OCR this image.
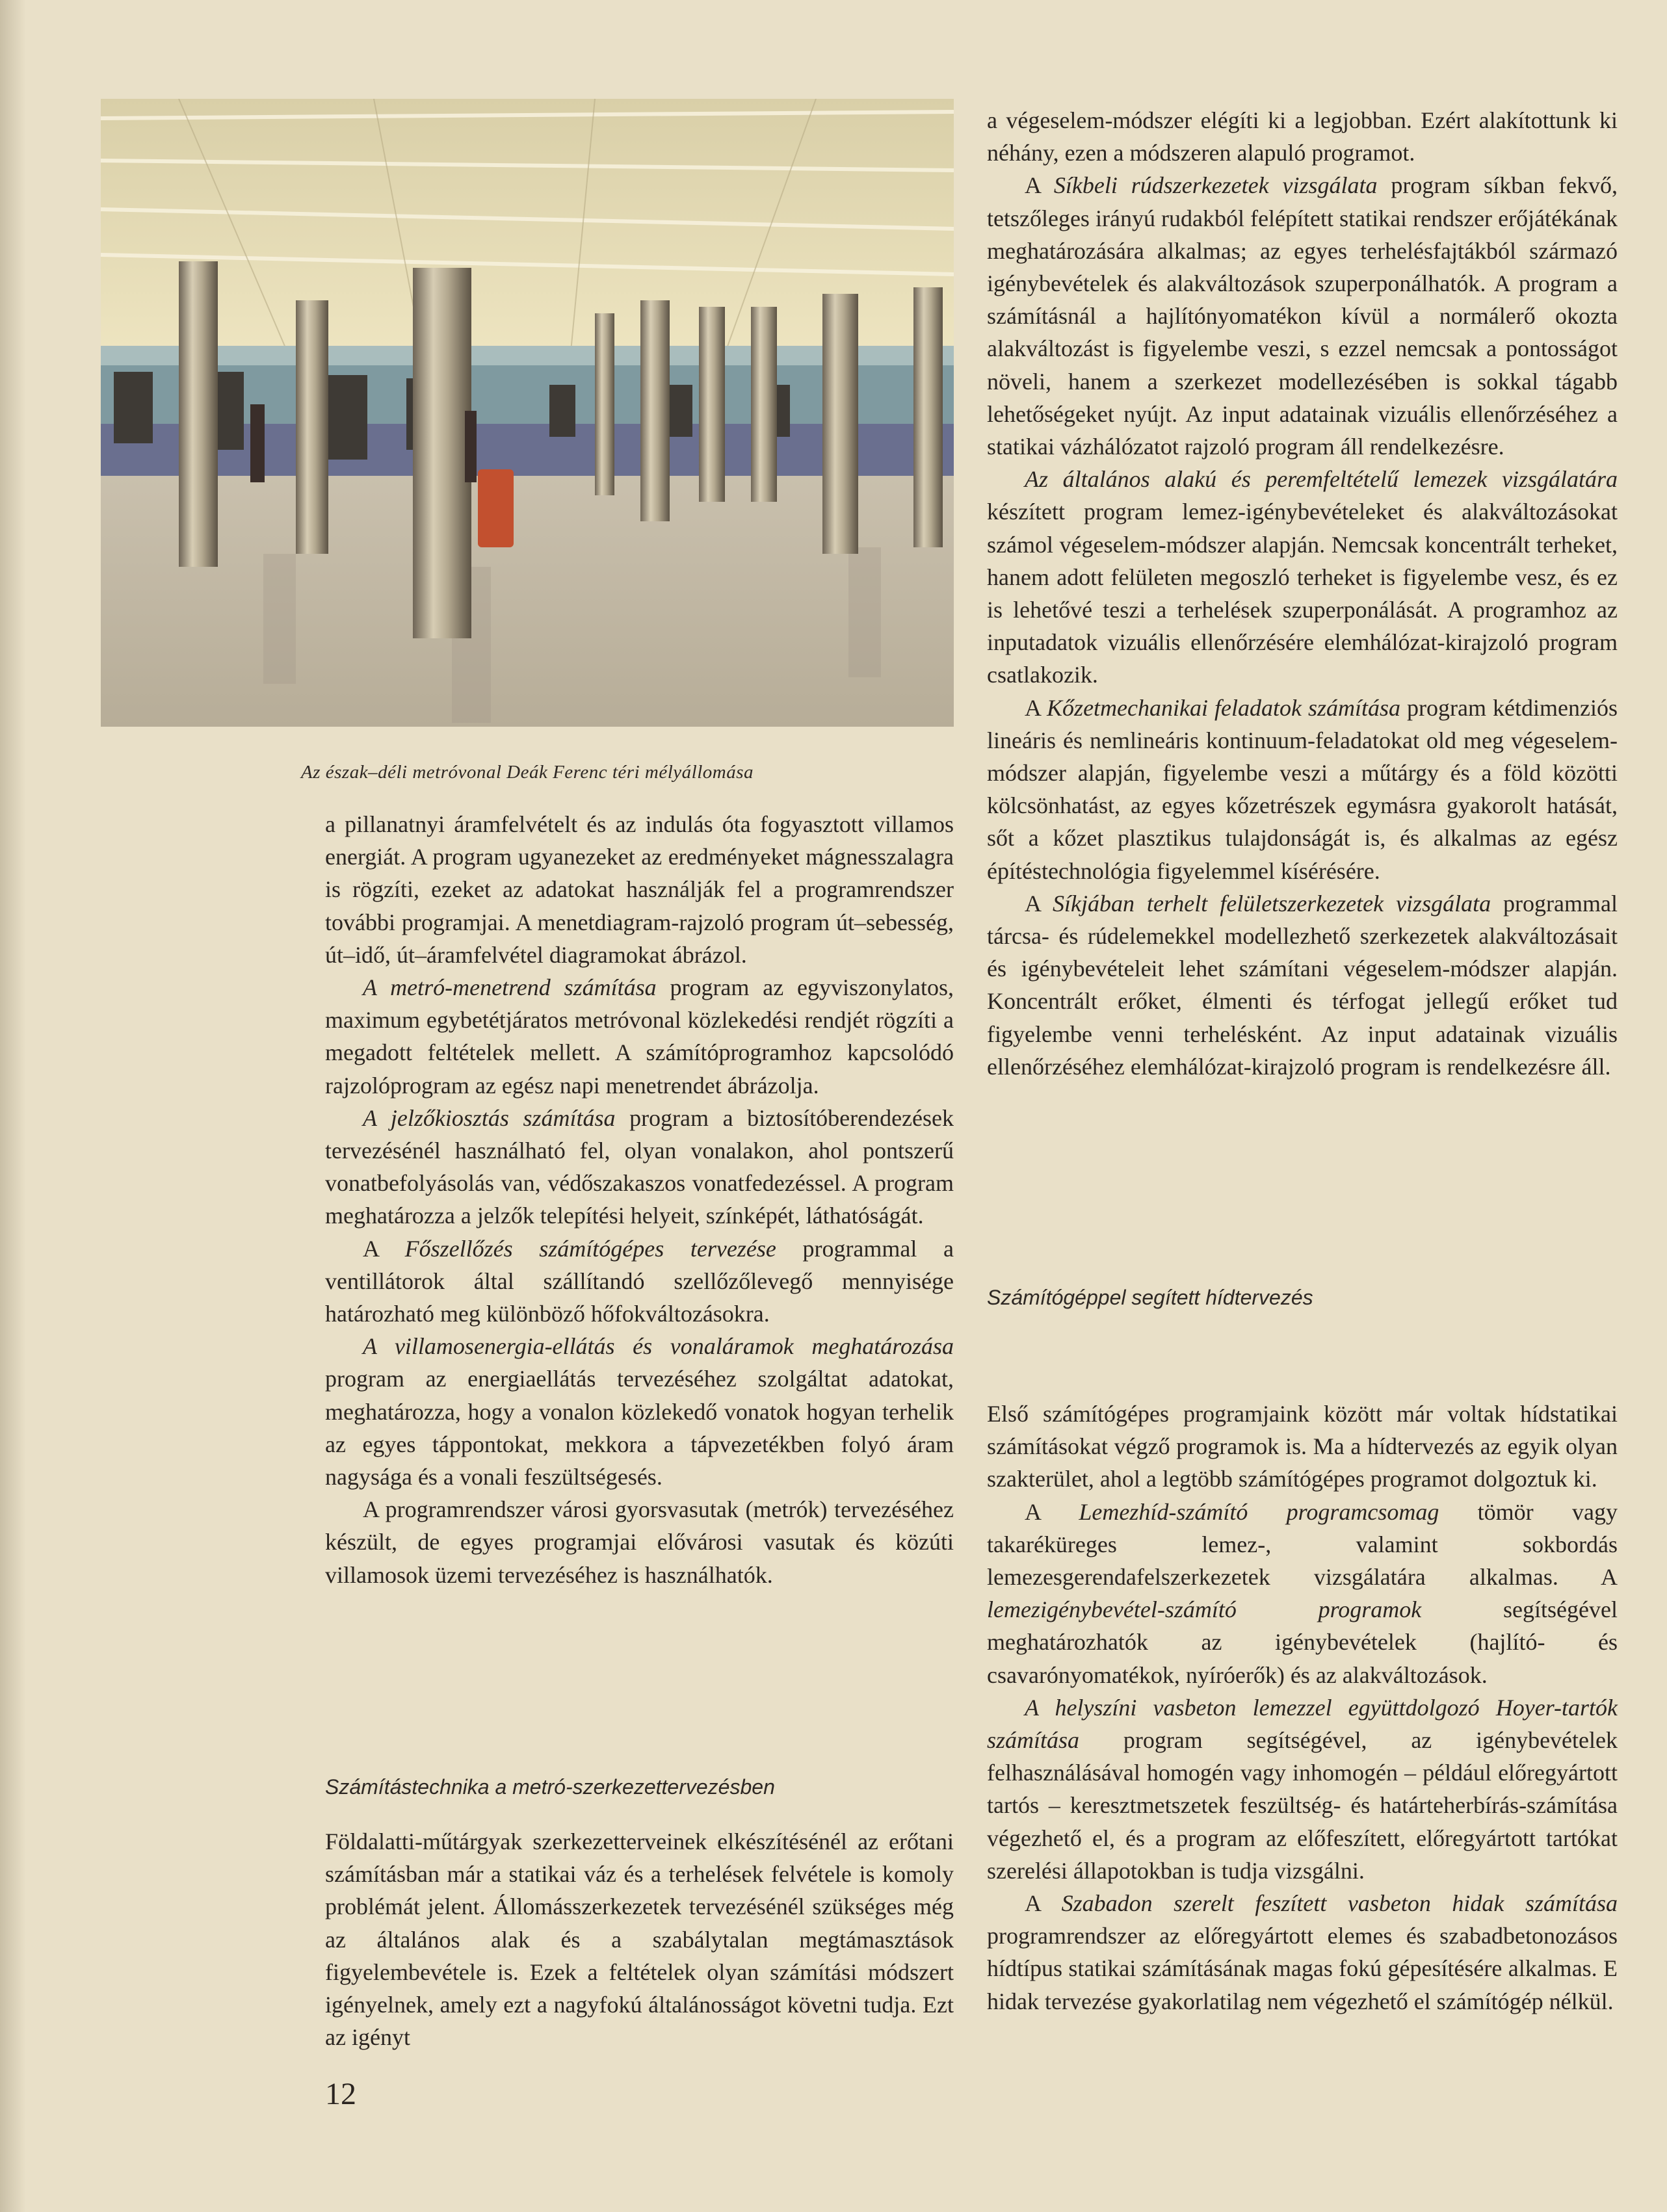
Az észak–déli metróvonal Deák Ferenc téri mélyállomása

a pillanatnyi áramfelvételt és az indulás óta fogyasztott villamos energiát. A program ugyanezeket az eredményeket mágnesszalagra is rögzíti, ezeket az adatokat használják fel a programrendszer további programjai. A menetdiagram-rajzoló program út–sebesség, út–idő, út–áramfelvétel diagramokat ábrázol.

A metró-menetrend számítása program az egyviszonylatos, maximum egybetétjáratos metróvonal közlekedési rendjét rögzíti a megadott feltételek mellett. A számítóprogramhoz kapcsolódó rajzolóprogram az egész napi menetrendet ábrázolja.

A jelzőkiosztás számítása program a biztosítóberendezések tervezésénél használható fel, olyan vonalakon, ahol pontszerű vonatbefolyásolás van, védőszakaszos vonatfedezéssel. A program meghatározza a jelzők telepítési helyeit, színképét, láthatóságát.

A Főszellőzés számítógépes tervezése programmal a ventillátorok által szállítandó szellőzőlevegő mennyisége határozható meg különböző hőfokváltozásokra.

A villamosenergia-ellátás és vonaláramok meghatározása program az energiaellátás tervezéséhez szolgáltat adatokat, meghatározza, hogy a vonalon közlekedő vonatok hogyan terhelik az egyes táppontokat, mekkora a tápvezetékben folyó áram nagysága és a vonali feszültségesés.

A programrendszer városi gyorsvasutak (metrók) tervezéséhez készült, de egyes programjai elővárosi vasutak és közúti villamosok üzemi tervezéséhez is használhatók.

Számítástechnika a metró-szerkezettervezésben

Földalatti-műtárgyak szerkezetterveinek elkészítésénél az erőtani számításban már a statikai váz és a terhelések felvétele is komoly problémát jelent. Állomásszerkezetek tervezésénél szükséges még az általános alak és a szabálytalan megtámasztások figyelembevétele is. Ezek a feltételek olyan számítási módszert igényelnek, amely ezt a nagyfokú általánosságot követni tudja. Ezt az igényt

a végeselem-módszer elégíti ki a legjobban. Ezért alakítottunk ki néhány, ezen a módszeren alapuló programot.

A Síkbeli rúdszerkezetek vizsgálata program síkban fekvő, tetszőleges irányú rudakból felépített statikai rendszer erőjátékának meghatározására alkalmas; az egyes terhelésfajtákból származó igénybevételek és alakváltozások szuperponálhatók. A program a számításnál a hajlítónyomatékon kívül a normálerő okozta alakváltozást is figyelembe veszi, s ezzel nemcsak a pontosságot növeli, hanem a szerkezet modellezésében is sokkal tágabb lehetőségeket nyújt. Az input adatainak vizuális ellenőrzéséhez a statikai vázhálózatot rajzoló program áll rendelkezésre.

Az általános alakú és peremfeltételű lemezek vizsgálatára készített program lemez-igénybevételeket és alakváltozásokat számol végeselem-módszer alapján. Nemcsak koncentrált terheket, hanem adott felületen megoszló terheket is figyelembe vesz, és ez is lehetővé teszi a terhelések szuperponálását. A programhoz az inputadatok vizuális ellenőrzésére elemhálózat-kirajzoló program csatlakozik.

A Kőzetmechanikai feladatok számítása program kétdimenziós lineáris és nemlineáris kontinuum-feladatokat old meg végeselem-módszer alapján, figyelembe veszi a műtárgy és a föld közötti kölcsönhatást, az egyes kőzetrészek egymásra gyakorolt hatását, sőt a kőzet plasztikus tulajdonságát is, és alkalmas az egész építéstechnológia figyelemmel kísérésére.

A Síkjában terhelt felületszerkezetek vizsgálata programmal tárcsa- és rúdelemekkel modellezhető szerkezetek alakváltozásait és igénybevételeit lehet számítani végeselem-módszer alapján. Koncentrált erőket, élmenti és térfogat jellegű erőket tud figyelembe venni terhelésként. Az input adatainak vizuális ellenőrzéséhez elemhálózat-kirajzoló program is rendelkezésre áll.

Számítógéppel segített hídtervezés

Első számítógépes programjaink között már voltak hídstatikai számításokat végző programok is. Ma a hídtervezés az egyik olyan szakterület, ahol a legtöbb számítógépes programot dolgoztuk ki.

A Lemezhíd-számító programcsomag tömör vagy takaréküreges lemez-, valamint sokbordás lemezesgerendafelszerkezetek vizsgálatára alkalmas. A lemezigénybevétel-számító programok segítségével meghatározhatók az igénybevételek (hajlító- és csavarónyomatékok, nyíróerők) és az alakváltozások.

A helyszíni vasbeton lemezzel együttdolgozó Hoyer-tartók számítása program segítségével, az igénybevételek felhasználásával homogén vagy inhomogén – például előregyártott tartós – keresztmetszetek feszültség- és határteherbírás-számítása végezhető el, és a program az előfeszített, előregyártott tartókat szerelési állapotokban is tudja vizsgálni.

A Szabadon szerelt feszített vasbeton hidak számítása programrendszer az előregyártott elemes és szabadbetonozásos hídtípus statikai számításának magas fokú gépesítésére alkalmas. E hidak tervezése gyakorlatilag nem végezhető el számítógép nélkül.

12
